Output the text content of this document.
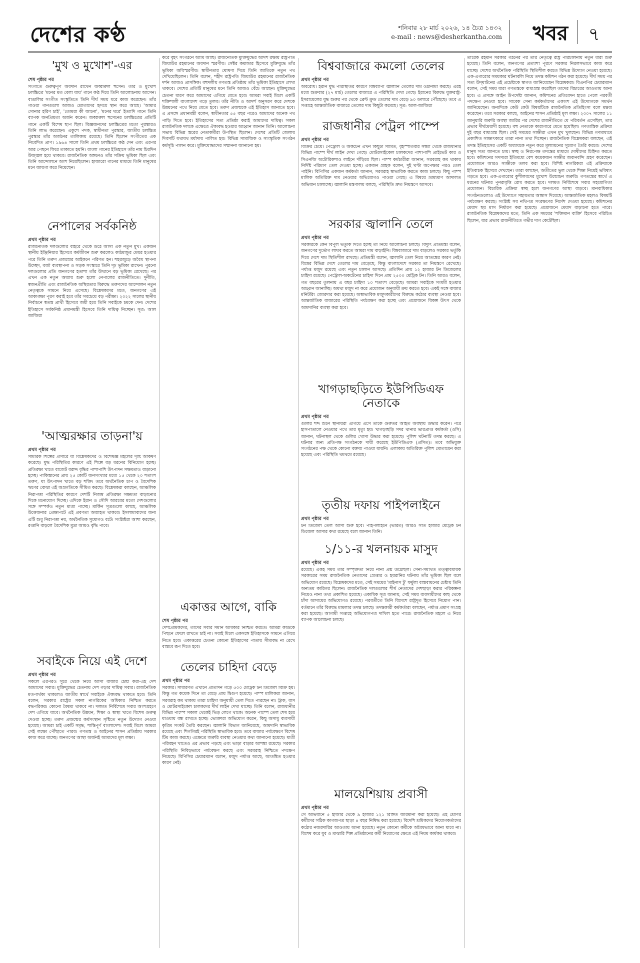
দেশের কণ্ঠ	শনিবার ২৮ মার্চ ২০২৬, ১৪ চৈত্র ১৪৩২
e-mail : news@desherkantha.com খবর ৭
'মুখ ও মুখোশ'-এর
শেষ পৃষ্ঠার পর
সংগীতে গুরুত্বপূর্ণ অবদান রাখেন জব্বারুল হুসেন। তার ও মুখোশ চলচ্চিত্রে 'মনের মত বেলা যায়' গানে কণ্ঠ দিয়ে তিনি আলোচনায় আসেন। বাঙালির সংগীত সংস্কৃতিতে তিনি দীর্ঘ সময় ধরে কাজ করেছেন। তাঁর গাওয়া গানগুলো আজও শ্রোতাদের হৃদয়ে স্থান করে আছে। 'আমার সোনার হরিণ চাই', 'তোমরা কী জানো', 'মনের ঘরে' ইত্যাদি গানে তিনি ব্যাপক জনপ্রিয়তা অর্জন করেন। জব্বারুল হুসেনের চলচ্চিত্রের প্রতিটি গানে একটি বিশেষ ছাপ ছিল। বিজ্ঞজনদের চলচ্চিত্রের মতো পুরস্কারও তিনি লাভ করেছেন। একুশে পদক, স্বাধীনতা পুরস্কার, জাতীয় চলচ্চিত্র পুরস্কার তাঁর অর্জনের তালিকায় রয়েছে। তিনি ছিলেন সংগীতের এক নিবেদিত প্রাণ। ১৯৬৪ সালে তিনি প্রথম চলচ্চিত্রে কণ্ঠ দেন এবং এরপর আর পেছনে ফিরে তাকাতে হয়নি। বাংলা গানের ইতিহাসে তাঁর নাম চিরদিন উজ্জ্বল হয়ে থাকবে। রাজনৈতিক অঙ্গনেও তাঁর সক্রিয় ভূমিকা ছিল এবং তিনি আন্দোলনে অংশ নিয়েছিলেন। হাজারো গানের মাধ্যমে তিনি মানুষের মনে জায়গা করে নিয়েছেন।
নেপালের সর্বকনিষ্ঠ
প্রথম পৃষ্ঠার পর
রাজনৈতিক দলগুলোর বাইরে থেকে উঠে আসা এক নতুন মুখ। একজন স্থানীয় ইঞ্জিনিয়ার হিসেবে কর্মজীবন শুরু করলেও কাঠমান্ডুর মেয়র হওয়ার পরে তিনি তরুণ প্রজন্মের আইকনে পরিণত হন। শহরজুড়ে অবৈধ স্থাপনা উচ্ছেদ, বর্জ্য ব্যবস্থাপনা ও সড়ক সংস্কারে তিনি দৃঢ় ভূমিকা রাখেন। পুরনো দলগুলোর প্রতি জনগণের হতাশা তাঁর উত্থানে বড় ভূমিকা রেখেছে। পর এখন এক নতুন অধ্যায় শুরু হলো নেপালের রাজনীতিতে। দুর্নীতি, স্বজনপ্রীতি এবং রাজনৈতিক অস্থিরতার বিরুদ্ধে তরুণদের আন্দোলন নতুন নেতৃত্বকে সামনে নিয়ে এসেছে। বিশ্লেষকদের মতে, জনগণের এই আকাঙ্ক্ষা পূরণ করাই হবে তাঁর সবচেয়ে বড় পরীক্ষা। ২০২২ সালের স্থানীয় নির্বাচনে স্বতন্ত্র প্রার্থী হিসেবে জয়ী হয়ে তিনি সবাইকে চমকে দেন। দেশের ইতিহাসে সর্বকনিষ্ঠ প্রধানমন্ত্রী হিসেবে তিনি দায়িত্ব নিচ্ছেন। সূত্র: আল জাজিরা
'আত্মরক্ষার তাড়না'য়
প্রথম পৃষ্ঠার পর
সামরিক শিল্পের প্রসারে যা বিশ্লেষকদের ও বিশেষজ্ঞ মহলের দৃষ্টি আকর্ষণ করেছে। যুদ্ধ পরিস্থিতির কারণে এই শিল্পে বড় ধরনের বিনিয়োগ হচ্ছে। প্রতিরক্ষা খাতে বাজেট বরাদ্দ বৃদ্ধির পাশাপাশি উৎপাদন সক্ষমতাও বাড়ানো হচ্ছে। পাকিস্তানের প্রায় ২৫ কোটি জনসংখ্যার মধ্যে ১৫ থেকে ২০ শতাংশ তরুণ, যা উৎপাদন খাতে বড় শক্তি। তবে অর্থনৈতিক চাপ ও বৈদেশিক ঋণের বোঝা এই অগ্রগতিকে সীমিত করছে। বিশ্লেষকরা বলছেন, আঞ্চলিক নিরাপত্তা পরিস্থিতির কারণে দেশটি নিজস্ব প্রতিরক্ষা সক্ষমতা বাড়ানোর দিকে মনোযোগ দিচ্ছে। এদিকে ইরান ও সৌদি আরবের মতো দেশগুলোর সঙ্গে সম্পর্কও নতুন মাত্রা পাচ্ছে। মার্কিন সূত্রগুলো বলছে, আঞ্চলিক উত্তেজনার প্রেক্ষাপটে এই প্রবণতা অব্যাহত থাকবে। ইসলামাবাদের জন্য এটি শুধু নিরাপত্তা নয়, অর্থনৈতিক সুযোগও বটে। সংশ্লিষ্টরা আশা করছেন, রপ্তানি বাড়লে বৈদেশিক মুদ্রা আয়ও বৃদ্ধি পাবে।
সবাইকে নিয়ে এই দেশে
প্রথম পৃষ্ঠার পর
সকলে এরপরও সুরে থেকে নিয়ে আসা বাজার চেষ্টা করা-এই দেশ আমাদের সবার। মুক্তিযুদ্ধের চেতনায় দেশ গড়ার দায়িত্ব সবার। রাজনৈতিক মতপার্থক্য থাকলেও জাতীয় স্বার্থে সবাইকে ঐক্যবদ্ধ থাকতে হবে। তিনি বলেন, সরকার রাষ্ট্রের সকল নাগরিকের অধিকার নিশ্চিত করতে বদ্ধপরিকর। কোনো বৈষম্য থাকবে না। দলমত নির্বিশেষে সবার অংশগ্রহণে দেশ এগিয়ে যাবে। অর্থনৈতিক উন্নয়ন, শিক্ষা ও স্বাস্থ্য খাতে বিশেষ গুরুত্ব দেওয়া হচ্ছে। তরুণ প্রজন্মের কর্মসংস্থান সৃষ্টিতে নতুন উদ্যোগ নেওয়া হয়েছে। আমরা চাই একটি সমৃদ্ধ, শান্তিপূর্ণ বাংলাদেশ। সবাই মিলে আমরা সেই লক্ষ্যে পৌঁছাতে পারব। গণতন্ত্র ও আইনের শাসন প্রতিষ্ঠায় সরকার কাজ করে যাচ্ছে। জনগণের আস্থা অর্জনই আমাদের মূল লক্ষ্য।
করে বৃহৎ সংগঠনে আমি আছি। রাজনৈতিক মুক্তিযুদ্ধের আদর্শ রক্ষায় রাষ্ট্রপতি জিয়াউর রহমানের অবদান স্মরণীয়। সেক্টর কমান্ডার হিসেবে মুক্তিযুদ্ধে তাঁর ভূমিকা অবিস্মরণীয়। স্বাধীনতার ঘোষণা দিয়ে তিনি জাতিকে নতুন পথ দেখিয়েছিলেন। তিনি বলেন, শহীদ রাষ্ট্রপতি জিয়াউর রহমানের রাজনৈতিক দর্শন আজও প্রাসঙ্গিক। বহুদলীয় গণতন্ত্র প্রতিষ্ঠায় তাঁর ভূমিকা ইতিহাসে লেখা থাকবে। দেশের প্রতিটি মানুষের মনে তিনি আজও বেঁচে আছেন। মুক্তিযুদ্ধের চেতনা ধারণ করে আমাদের এগিয়ে যেতে হবে। আমরা সবাই মিলে একটি শক্তিশালী বাংলাদেশ গড়ে তুলব। তাঁর নীতি ও আদর্শ অনুসরণ করে দেশকে উন্নয়নের পথে নিয়ে যেতে হবে। তরুণ প্রজন্মকে এই ইতিহাস জানাতে হবে। এ প্রসঙ্গে প্রধানমন্ত্রী বলেন, স্বাধীনতার ৫৫ বছর পরেও আমাদের অনেক পথ পাড়ি দিতে হবে। ইতিহাসের সত্য প্রতিষ্ঠা করাই আমাদের দায়িত্ব। সকল রাজনৈতিক দলকে এক্ষেত্রে ঐক্যবদ্ধ হওয়ার আহ্বান জানান তিনি। আলোচনা সভায় বিভিন্ন স্তরের নেতাকর্মীরা উপস্থিত ছিলেন। দেশের প্রতিটি জেলায় দিবসটি যথাযথ মর্যাদায় পালিত হয়। বিভিন্ন সামাজিক ও সাংস্কৃতিক সংগঠন কর্মসূচি পালন করে। মুক্তিযোদ্ধাদের সম্মাননা জানানো হয়।
একাত্তর আগে, বাকি
শেষ পৃষ্ঠার পর
দেশপ্রেমিকদের, তাদের সবার সমান অধিকার নিশ্চিত করতে। আমরা কাউকে পিছনে ফেলে রাখতে চাই না। সবাই মিলে একসঙ্গে ইতিহাসকে সামনে এগিয়ে নিতে হবে। একাত্তরের চেতনা কোনো ইতিহাসের পাতায় সীমাবদ্ধ না রেখে বাস্তবে রূপ দিতে হবে।
তেলের চাহিদা বেড়ে
প্রথম পৃষ্ঠার পর
সরকার। সাধারণত এখানে প্রতিদিন গড়ে ৫০০ মেট্রিক টন ডিজেল বিক্রি হয়। কিন্তু গত কয়েক দিনে তা বেড়ে প্রায় দ্বিগুণ হয়েছে। পাম্প মালিকরা জানান, সরবরাহ কম থাকায় তারা চাহিদা অনুযায়ী তেল দিতে পারছেন না। ট্রাক, বাস ও মোটরসাইকেল চালকদের দীর্ঘ লাইন দেখা যাচ্ছে। তিনি বলেন, রাজধানীর বিভিন্ন পাম্পে সকাল থেকেই ভিড় লেগে থাকে। অনেক পাম্পে তেল শেষ হয়ে যাওয়ায় বন্ধ রাখতে হচ্ছে। ভোক্তারা অভিযোগ করেন, কিছু অসাধু ব্যবসায়ী কৃত্রিম সংকট তৈরি করছেন। জ্বালানি বিভাগ জানিয়েছে, আমদানি স্বাভাবিক রয়েছে এবং শিগগিরই পরিস্থিতি স্বাভাবিক হবে। তবে বাজার পর্যবেক্ষণে বিশেষ টিম কাজ করছে। এক্ষেত্রে জরুরি ব্যবস্থা নেওয়ার কথা জানানো হয়েছে। যাত্রী পরিবহন খাতেও এর প্রভাব পড়ছে এবং ভাড়া বাড়ার আশঙ্কা রয়েছে। সরকার পরিস্থিতি নিবিড়ভাবে পর্যবেক্ষণ করছে এবং সরবরাহ নিশ্চিতে পদক্ষেপ নিয়েছে। বিপিসির চেয়ারম্যান বলেন, মজুদ পর্যাপ্ত আছে, আতঙ্কিত হওয়ার কারণ নেই।
বিশ্ববাজারে কমলো তেলের
প্রথম পৃষ্ঠার পর
অবরোধ। ইরান যুদ্ধ পরিস্থিতির কারণে বিশ্বব্যাপী জ্বালানি তেলের দাম ওঠানামা করছে। এরই মধ্যে শুক্রবার (২৭ মার্চ) তেলের বাজারে এ পরিস্থিতি দেখা গেছে। ইরানের বিরুদ্ধে যুক্তরাষ্ট্র-ইসরায়েলের যুদ্ধ শুরুর পর থেকে ব্রেন্ট ক্রুড তেলের দাম বেড়ে ৯০ ডলারে পৌঁছেছে। তবে এ সপ্তাহে আন্তর্জাতিক বাজারে তেলের দাম কিছুটা কমেছে। সূত্র: আল-জাজিরা
রাজধানীর পেট্রল পাম্পে
প্রথম পৃষ্ঠার পর
বিক্রির চেয়ে। পেট্রোল ও অকটেন এখন কিছুটা সীমিত, বৃহস্পতিবার সন্ধ্যা থেকে রাজধানীর বিভিন্ন পাম্পে দীর্ঘ লাইন দেখা গেছে। মোটরসাইকেল চালকদের পাশাপাশি প্রাইভেট কার ও সিএনজি অটোরিকশাও লাইনে দাঁড়িয়ে ছিল। পাম্প কর্মচারীরা জানান, সরবরাহ কম থাকায় নির্দিষ্ট পরিমাণ তেল দেওয়া হচ্ছে। একজন গ্রাহক বলেন, দুই ঘণ্টা অপেক্ষার পরও তেল পাইনি। বিপিসির একজন কর্মকর্তা জানান, সরবরাহ স্বাভাবিক করতে কাজ চলছে। কিছু পাম্প মালিক অতিরিক্ত দাম নেওয়ার অভিযোগও পাওয়া গেছে। এ বিষয়ে ভ্রাম্যমাণ আদালত অভিযান চালাচ্ছে। জ্বালানি মন্ত্রণালয় বলছে, পরিস্থিতি দ্রুত নিয়ন্ত্রণে আসবে।
সরকার জ্বালানি তেলে
প্রথম পৃষ্ঠার পর
সরকারকে কেন বিপুল ভর্তুকি দিতে হচ্ছে তা নিয়ে আলোচনা চলছে। বিদ্যুৎ প্রতিমন্ত্রী বলেন, জনগণের দুর্ভোগ লাঘব করতে আমরা দাম বাড়াইনি। বিশ্ববাজারে দাম বাড়লেও সরকার ভর্তুকি দিয়ে দেশে দাম স্থিতিশীল রাখছে। প্রতিমন্ত্রী বলেন, জ্বালানি তেল নিয়ে আতঙ্কের কারণ নেই। বিশ্বের বিভিন্ন দেশে তেলের দাম বেড়েছে, কিন্তু বাংলাদেশে সরকার তা নিয়ন্ত্রণে রেখেছে। পর্যাপ্ত মজুদ রয়েছে এবং নতুন চালান আসছে। প্রতিদিন প্রায় ১২ হাজার টন ডিজেলের চাহিদা রয়েছে। পেট্রোল-অকটেনের চাহিদা দিনে প্রায় ২৫০০ মেট্রিক টন। তিনি আরও বলেন, গত বছরের তুলনায় এ বছর চাহিদা ১০ শতাংশ বেড়েছে। আমরা সবাইকে সংযমী হওয়ার আহ্বান জানাচ্ছি। অযথা মজুদ না করে প্রয়োজন অনুযায়ী ক্রয় করতে হবে। একই সঙ্গে বাজার মনিটরিং জোরদার করা হয়েছে। অস্বাভাবিক মজুদকারীদের বিরুদ্ধে কঠোর ব্যবস্থা নেওয়া হবে। আন্তর্জাতিক বাজারের পরিস্থিতি পর্যবেক্ষণ করা হচ্ছে এবং প্রয়োজনে বিকল্প উৎস থেকে আমদানির ব্যবস্থা করা হবে।
খাগড়াছড়িতে ইউপিডিএফ নেতাকে
প্রথম পৃষ্ঠার পর
গুলির শব্দ শুনে স্থানীয়রা এগিয়ে এসে তাকে গুরুতর আহত অবস্থায় উদ্ধার করেন। পরে হাসপাতালে নেওয়ার পথে তার মৃত্যু হয়। খাগড়াছড়ি সদর থানার ভারপ্রাপ্ত কর্মকর্তা (ওসি) জানান, ঘটনাস্থল থেকে গুলির খোসা উদ্ধার করা হয়েছে। পুলিশ ঘটনাটি তদন্ত করছে। এ ঘটনার জন্য প্রতিপক্ষ সংগঠনকে দায়ী করেছে ইউপিডিএফ (প্রসিত)। তবে অভিযুক্ত সংগঠনের পক্ষ থেকে কোনো বক্তব্য পাওয়া যায়নি। এলাকায় অতিরিক্ত পুলিশ মোতায়েন করা হয়েছে এবং পরিস্থিতি থমথমে রয়েছে।
তৃতীয় দফায় পাইপলাইনে
প্রথম পৃষ্ঠার পর
টন ডিজেল তেল আসা শুরু হবে। পাইপলাইনে (ভারত) আরও সাত হাজার মেট্রিক টন ডিজেল আসার কথা রয়েছে বলে জানান তিনি।
১/১১-র খলনায়ক মাসুদ
প্রথম পৃষ্ঠার পর
রয়েছে। একই সময় তাঁর সম্পৃক্ততা নিয়ে নানা প্রশ্ন উঠেছিল। সেনা-সমর্থিত তত্ত্বাবধায়ক সরকারের সময় রাজনৈতিক নেতাদের গ্রেপ্তার ও হয়রানির ঘটনায় তাঁর ভূমিকা ছিল বলে অভিযোগ রয়েছে। বিশ্লেষকদের মতে, সেই সময়ের 'মাইনাস টু' ফর্মুলা বাস্তবায়নের চেষ্টায় তিনি অন্যতম কারিগর ছিলেন। রাজনৈতিক দলগুলোর শীর্ষ নেতাদের দেশছাড়া করার পরিকল্পনা নিয়েও নানা তথ্য প্রকাশিত হয়েছে। একাধিক সূত্র জানায়, সেই সময় ব্যবসায়ীদের কাছ থেকে চাঁদা আদায়ের অভিযোগও রয়েছে। পরবর্তীতে তিনি বিদেশে রাষ্ট্রদূত হিসেবে নিয়োগ পান। বর্তমানে তাঁর বিরুদ্ধে মামলার তদন্ত চলছে। তদন্তকারী কর্মকর্তারা বলছেন, পর্যাপ্ত প্রমাণ সংগ্রহ করা হয়েছে। আগামী সপ্তাহে অভিযোগপত্র দাখিল হতে পারে। রাজনৈতিক মহলে এ নিয়ে ব্যাপক আলোচনা চলছে।
মালয়েশিয়ায় প্রবাসী
প্রথম পৃষ্ঠার পর
সে অভিযানে ৫ হাজার থেকে ৯ হাজার ১২১ রিঙ্গিত জরিমানা করা হয়েছে। এই শ্রেণির কর্মীদের সঠিক কাগজপত্র ছাড়া ৪ বছর নিষিদ্ধ করা হয়েছে। বিদেশি শ্রমিকদের নিয়োগকর্তাদের কঠোর নজরদারির আওতায় আনা হয়েছে। নতুন কোনো কর্মীকে অবৈধভাবে আনা যাবে না। বিশেষ করে যুব ও মাঝারি শিল্প প্রতিষ্ঠানের কর্মী নিয়োগের ক্ষেত্রে এই নিয়ম কার্যকর থাকবে।
তারেক রহমান সরকার গঠনের পর তাঁর নেতৃত্বে রাষ্ট্র পরিচালনায় নতুন ধারা শুরু হয়েছে। তিনি বলেন, জনগণের প্রত্যাশা পূরণে সরকার নিরলসভাবে কাজ করে যাচ্ছে। দেশের অর্থনৈতিক পরিস্থিতি স্থিতিশীল করতে বিভিন্ন উদ্যোগ নেওয়া হয়েছে। এক-এগারোর সময়কার ঘটনাবলি নিয়ে তদন্ত কমিশন গঠন করা হয়েছে। দীর্ঘ সময় পর সত্য উদ্‌ঘাটনের এই প্রচেষ্টাকে স্বাগত জানিয়েছেন বিশ্লেষকরা। বিএনপির চেয়ারম্যান বলেন, সেই সময় যারা গণতন্ত্রকে বাধাগ্রস্ত করেছিল তাদের বিচারের আওতায় আনা হবে। এ প্রসঙ্গে আইন উপদেষ্টা জানান, কমিশনের প্রতিবেদন হাতে পেলে পরবর্তী পদক্ষেপ নেওয়া হবে। সাবেক সেনা কর্মকর্তাদের একাংশ এই উদ্যোগকে সমর্থন জানিয়েছেন। অন্যদিকে কেউ কেউ বিষয়টিকে রাজনৈতিক প্রতিহিংসা বলে মন্তব্য করেছেন। তবে সরকার বলছে, আইনের শাসন প্রতিষ্ঠাই মূল লক্ষ্য। ২০০৭ সালের ১১ জানুয়ারি জরুরি অবস্থা জারির পর দেশের রাজনীতিতে যে পরিবর্তন এসেছিল, তার প্রভাব দীর্ঘমেয়াদী হয়েছে। বহু নেতাকে কারাগারে যেতে হয়েছিল। গণতান্ত্রিক প্রক্রিয়া দুই বছর বাধাগ্রস্ত ছিল। সেই সময়ের সাক্ষীরা এখন মুখ খুলছেন। বিভিন্ন গণমাধ্যমে প্রকাশিত সাক্ষাৎকারে তারা নানা তথ্য দিচ্ছেন। রাজনৈতিক বিশ্লেষকরা বলছেন, এই তদন্ত ইতিহাসের একটি অধ্যায়কে নতুন করে মূল্যায়নের সুযোগ তৈরি করবে। দেশের মানুষ সত্য জানতে চায়। স্বচ্ছ ও নিরপেক্ষ তদন্তের মাধ্যমে দোষীদের চিহ্নিত করতে হবে। কমিশনের সদস্যরা ইতিমধ্যে বেশ কয়েকজন সাক্ষীর জবানবন্দি গ্রহণ করেছেন। প্রয়োজনে আরও সাক্ষীকে তলব করা হবে। বিশিষ্ট নাগরিকরা এই প্রক্রিয়াকে ইতিবাচক হিসেবে দেখছেন। তারা বলছেন, অতীতের ভুল থেকে শিক্ষা নিয়েই ভবিষ্যৎ গড়তে হবে। এক-এগারোর কুশীলবদের মুখোশ উন্মোচন জরুরি। গণতন্ত্রের স্বার্থে এ ধরনের ঘটনার পুনরাবৃত্তি রোধ করতে হবে। দলমত নির্বিশেষে সবার সহযোগিতা প্রয়োজন। বিচারিক প্রক্রিয়া স্বচ্ছ হলে জনগণের আস্থা বাড়বে। মানবাধিকার সংগঠনগুলোও এই উদ্যোগে সহায়তার আশ্বাস দিয়েছে। আন্তর্জাতিক মহলও বিষয়টি পর্যবেক্ষণ করছে। সংশ্লিষ্ট সব নথিপত্র সংরক্ষণের নির্দেশ দেওয়া হয়েছে। কমিশনের মেয়াদ ছয় মাস নির্ধারণ করা হয়েছে। প্রয়োজনে মেয়াদ বাড়ানো হতে পারে। রাজনৈতিক বিশ্লেষকদের মতে, তিনি এক সময়ের 'শক্তিমান ব্যক্তি' হিসেবে পরিচিত ছিলেন, যার প্রভাব রাজনীতিতে গভীর দাগ কেটেছিল।
